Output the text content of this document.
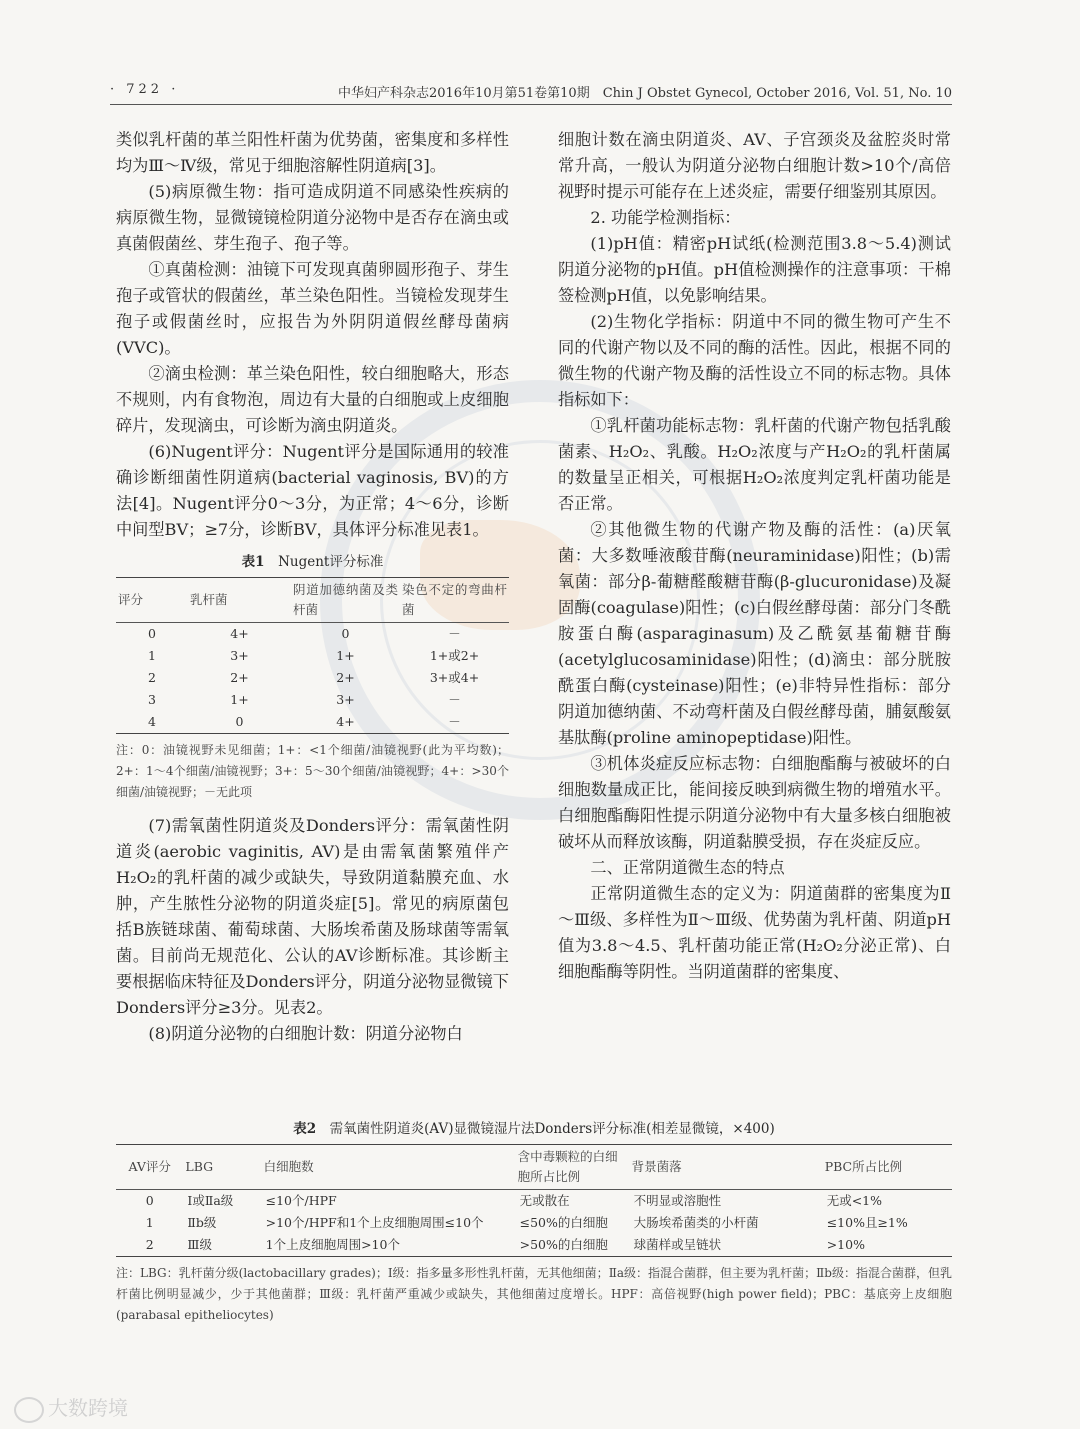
· 722 ·	中华妇产科杂志2016年10月第51卷第10期　Chin J Obstet Gynecol, October 2016, Vol. 51, No. 10

类似乳杆菌的革兰阳性杆菌为优势菌，密集度和多样性均为Ⅲ～Ⅳ级，常见于细胞溶解性阴道病[3]。

(5)病原微生物：指可造成阴道不同感染性疾病的病原微生物，显微镜镜检阴道分泌物中是否存在滴虫或真菌假菌丝、芽生孢子、孢子等。

①真菌检测：油镜下可发现真菌卵圆形孢子、芽生孢子或管状的假菌丝，革兰染色阳性。当镜检发现芽生孢子或假菌丝时，应报告为外阴阴道假丝酵母菌病(VVC)。

②滴虫检测：革兰染色阳性，较白细胞略大，形态不规则，内有食物泡，周边有大量的白细胞或上皮细胞碎片，发现滴虫，可诊断为滴虫阴道炎。

(6)Nugent评分：Nugent评分是国际通用的较准确诊断细菌性阴道病(bacterial vaginosis, BV)的方法[4]。Nugent评分0～3分，为正常；4～6分，诊断中间型BV；≥7分，诊断BV，具体评分标准见表1。

表1　 Nugent评分标准
评分	乳杆菌	阴道加德纳菌及类杆菌	染色不定的弯曲杆菌
0	4+	0	－
1	3+	1+	1+或2+
2	2+	2+	3+或4+
3	1+	3+	－
4	0	4+	－
注：0：油镜视野未见细菌；1+：<1个细菌/油镜视野(此为平均数)；2+：1～4个细菌/油镜视野；3+：5～30个细菌/油镜视野；4+：>30个细菌/油镜视野；－无此项

(7)需氧菌性阴道炎及Donders评分：需氧菌性阴道炎(aerobic vaginitis, AV)是由需氧菌繁殖伴产H₂O₂的乳杆菌的减少或缺失，导致阴道黏膜充血、水肿，产生脓性分泌物的阴道炎症[5]。常见的病原菌包括B族链球菌、葡萄球菌、大肠埃希菌及肠球菌等需氧菌。目前尚无规范化、公认的AV诊断标准。其诊断主要根据临床特征及Donders评分，阴道分泌物显微镜下Donders评分≥3分。见表2。

(8)阴道分泌物的白细胞计数：阴道分泌物白

细胞计数在滴虫阴道炎、AV、子宫颈炎及盆腔炎时常常升高，一般认为阴道分泌物白细胞计数>10个/高倍视野时提示可能存在上述炎症，需要仔细鉴别其原因。

2. 功能学检测指标：

(1)pH值：精密pH试纸(检测范围3.8～5.4)测试阴道分泌物的pH值。pH值检测操作的注意事项：干棉签检测pH值，以免影响结果。

(2)生物化学指标：阴道中不同的微生物可产生不同的代谢产物以及不同的酶的活性。因此，根据不同的微生物的代谢产物及酶的活性设立不同的标志物。具体指标如下：

①乳杆菌功能标志物：乳杆菌的代谢产物包括乳酸菌素、H₂O₂、乳酸。H₂O₂浓度与产H₂O₂的乳杆菌属的数量呈正相关，可根据H₂O₂浓度判定乳杆菌功能是否正常。

②其他微生物的代谢产物及酶的活性：(a)厌氧菌：大多数唾液酸苷酶(neuraminidase)阳性；(b)需氧菌：部分β-葡糖醛酸糖苷酶(β-glucuronidase)及凝固酶(coagulase)阳性；(c)白假丝酵母菌：部分门冬酰胺蛋白酶(asparaginasum)及乙酰氨基葡糖苷酶(acetylglucosaminidase)阳性；(d)滴虫：部分胱胺酰蛋白酶(cysteinase)阳性；(e)非特异性指标：部分阴道加德纳菌、不动弯杆菌及白假丝酵母菌，脯氨酸氨基肽酶(proline aminopeptidase)阳性。

③机体炎症反应标志物：白细胞酯酶与被破坏的白细胞数量成正比，能间接反映到病微生物的增殖水平。白细胞酯酶阳性提示阴道分泌物中有大量多核白细胞被破坏从而释放该酶，阴道黏膜受损，存在炎症反应。

二、正常阴道微生态的特点

正常阴道微生态的定义为：阴道菌群的密集度为Ⅱ～Ⅲ级、多样性为Ⅱ～Ⅲ级、优势菌为乳杆菌、阴道pH值为3.8～4.5、乳杆菌功能正常(H₂O₂分泌正常)、白细胞酯酶等阴性。当阴道菌群的密集度、

表2　 需氧菌性阴道炎(AV)显微镜湿片法Donders评分标准(相差显微镜，×400)
AV评分	LBG	白细胞数	含中毒颗粒的白细胞所占比例	背景菌落	PBC所占比例
0	Ⅰ或Ⅱa级	≤10个/HPF	无或散在	不明显或溶胞性	无或<1%
1	Ⅱb级	>10个/HPF和1个上皮细胞周围≤10个	≤50%的白细胞	大肠埃希菌类的小杆菌	≤10%且≥1%
2	Ⅲ级	1个上皮细胞周围>10个	>50%的白细胞	球菌样或呈链状	>10%
注：LBG：乳杆菌分级(lactobacillary grades)；Ⅰ级：指多量多形性乳杆菌，无其他细菌；Ⅱa级：指混合菌群，但主要为乳杆菌；Ⅱb级：指混合菌群，但乳杆菌比例明显减少，少于其他菌群；Ⅲ级：乳杆菌严重减少或缺失，其他细菌过度增长。HPF：高倍视野(high power field)；PBC：基底旁上皮细胞(parabasal epitheliocytes)
大数跨境
